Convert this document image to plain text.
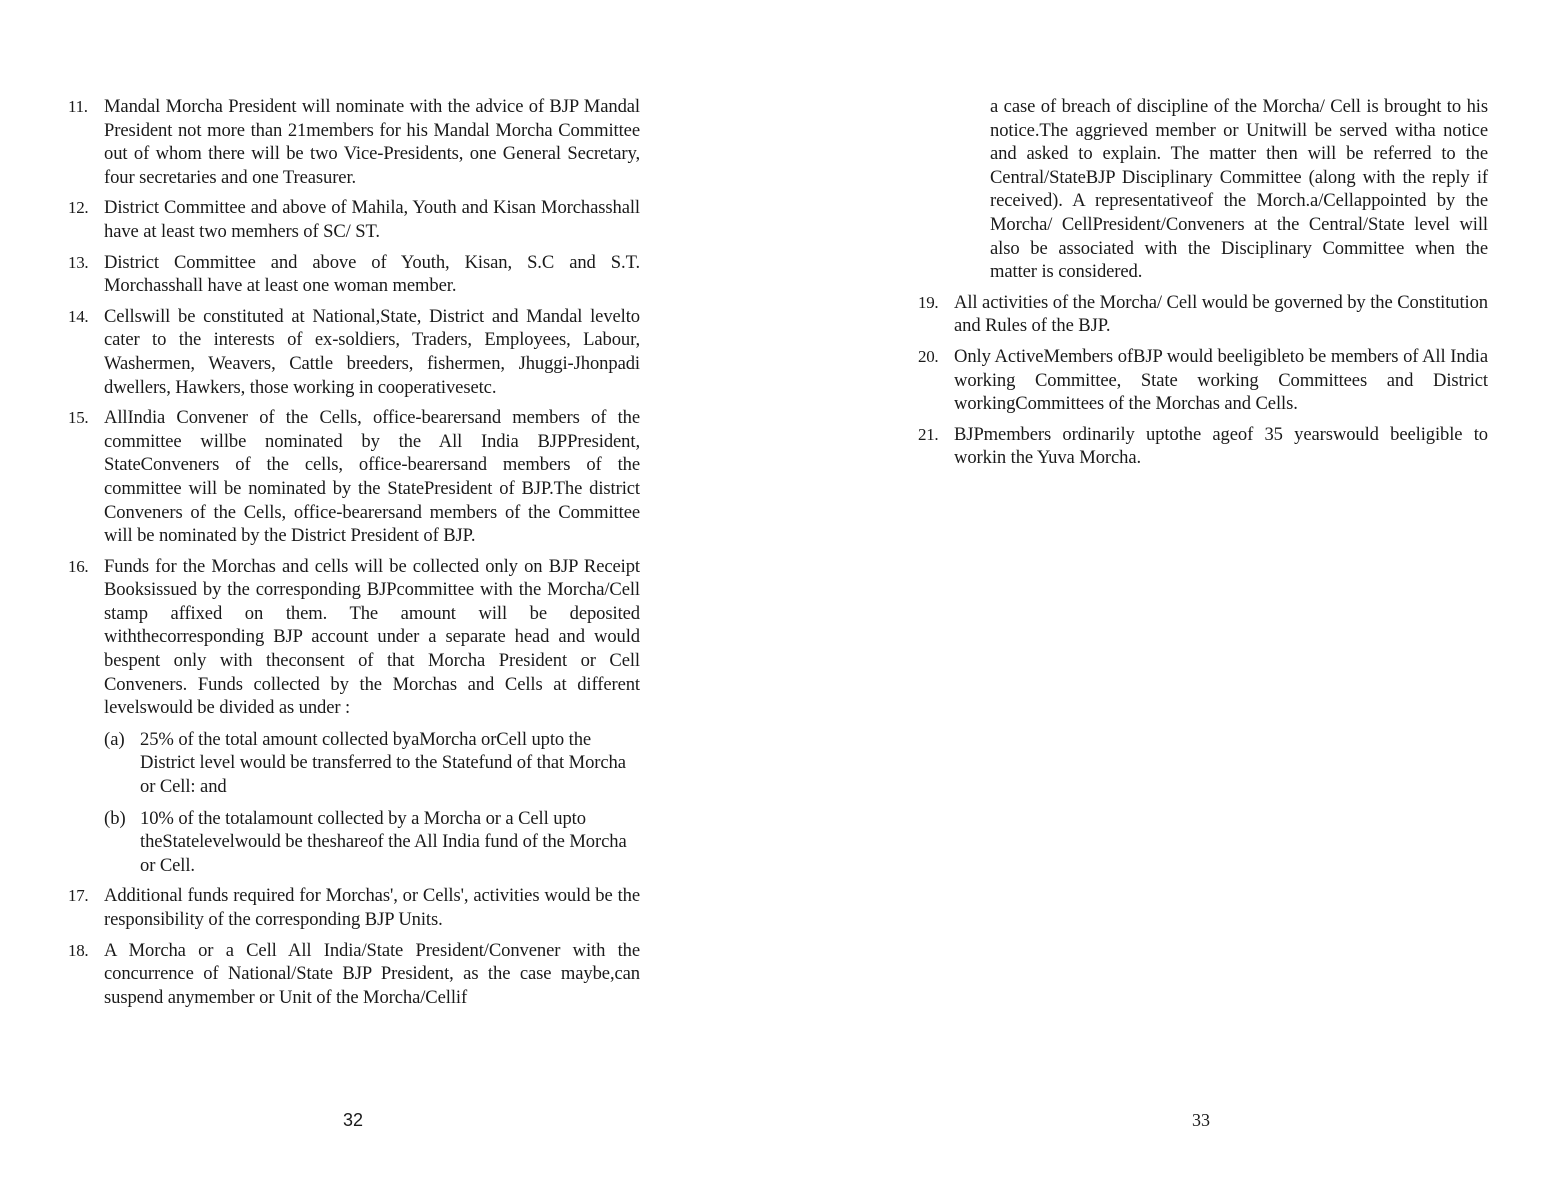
11. Mandal Morcha President will nominate with the advice of BJP Mandal President not more than 21members for his Mandal Morcha Committee out of whom there will be two Vice-Presidents, one General Secretary, four secretaries and one Treasurer.
12. District Committee and above of Mahila, Youth and Kisan Morchasshall have at least two memhers of SC/ ST.
13. District Committee and above of Youth, Kisan, S.C and S.T. Morchasshall have at least one woman member.
14. Cellswill be constituted at National,State, District and Mandal levelto cater to the interests of ex-soldiers, Traders, Employees, Labour, Washermen, Weavers, Cattle breeders, fishermen, Jhuggi-Jhonpadi dwellers, Hawkers, those working in cooperativesetc.
15. AllIndia Convener of the Cells, office-bearersand members of the committee willbe nominated by the All India BJPPresident, StateConveners of the cells, office-bearersand members of the committee will be nominated by the StatePresident of BJP.The district Conveners of the Cells, office-bearersand members of the Committee will be nominated by the District President of BJP.
16. Funds for the Morchas and cells will be collected only on BJP Receipt Booksissued by the corresponding BJPcommittee with the Morcha/Cell stamp affixed on them. The amount will be deposited withthecorresponding BJP account under a separate head and would bespent only with theconsent of that Morcha President or Cell Conveners. Funds collected by the Morchas and Cells at different levelswould be divided as under :
(a) 25% of the total amount collected byaMorcha orCell upto the District level would be transferred to the Statefund of that Morcha or Cell: and
(b) 10% of the totalamount collected by a Morcha or a Cell upto theStatelevelwould be theshareof the All India fund of the Morcha or Cell.
17. Additional funds required for Morchas', or Cells', activities would be the responsibility of the corresponding BJP Units.
18. A Morcha or a Cell All India/State President/Convener with the concurrence of National/State BJP President, as the case maybe,can suspend anymember or Unit of the Morcha/Cellif
a case of breach of discipline of the Morcha/ Cell is brought to his notice.The aggrieved member or Unitwill be served witha notice and asked to explain. The matter then will be referred to the Central/StateBJP Disciplinary Committee (along with the reply if received). A representativeof the Morch.a/Cellappointed by the Morcha/ CellPresident/Conveners at the Central/State level will also be associated with the Disciplinary Committee when the matter is considered.
19. All activities of the Morcha/ Cell would be governed by the Constitution and Rules of the BJP.
20. Only ActiveMembers ofBJP would beeligibleto be members of All India working Committee, State working Committees and District workingCommittees of the Morchas and Cells.
21. BJPmembers ordinarily uptothe ageof 35 yearswould beeligible to workin the Yuva Morcha.
32	33
